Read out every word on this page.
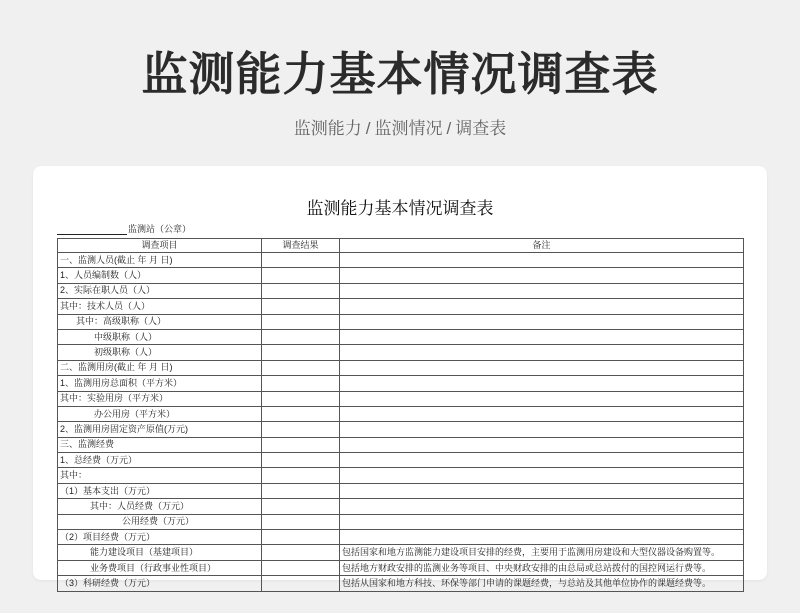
监测能力基本情况调查表
监测能力 / 监测情况 / 调查表
监测能力基本情况调查表
监测站（公章）
调查项目	调查结果	备注
一、监测人员(截止 年 月 日)		
1、人员编制数（人）		
2、实际在职人员（人）		
其中：技术人员（人）		
其中：高级职称（人）		
中级职称（人）		
初级职称（人）		
二、监测用房(截止 年 月 日)		
1、监测用房总面积（平方米）		
其中：实验用房（平方米）		
办公用房（平方米）		
2、监测用房固定资产原值(万元)		
三、监测经费		
1、总经费（万元）		
其中：		
（1）基本支出（万元）		
其中：人员经费（万元）		
公用经费（万元）		
（2）项目经费（万元）		
能力建设项目（基建项目）		包括国家和地方监测能力建设项目安排的经费，主要用于监测用房建设和大型仪器设备购置等。
业务费项目（行政事业性项目）		包括地方财政安排的监测业务等项目、中央财政安排的由总局或总站拨付的国控网运行费等。
（3）科研经费（万元）		包括从国家和地方科技、环保等部门申请的课题经费，与总站及其他单位协作的课题经费等。
